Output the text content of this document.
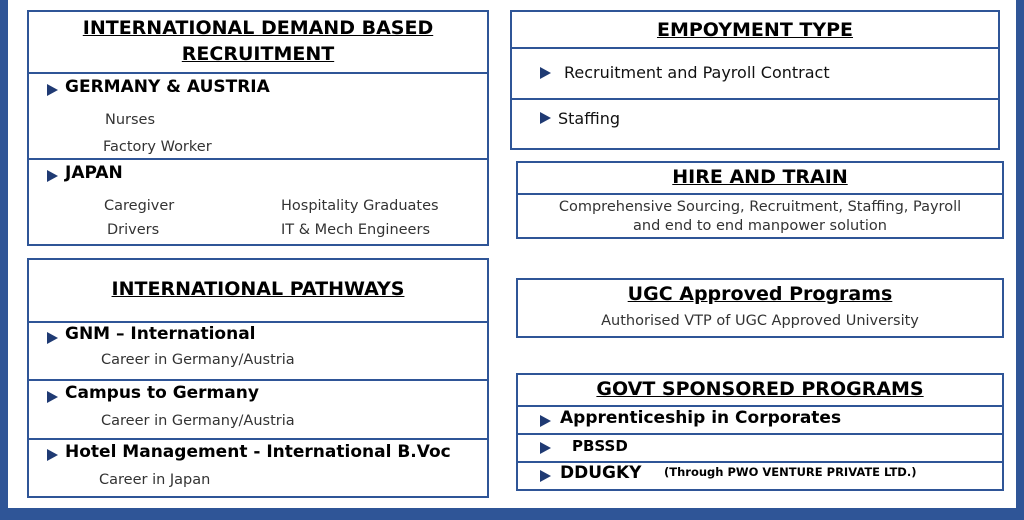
INTERNATIONAL DEMAND BASED
RECRUITMENT
GERMANY & AUSTRIA
Nurses
Factory Worker
JAPAN
Caregiver
Drivers
Hospitality Graduates
IT & Mech Engineers
INTERNATIONAL PATHWAYS
GNM – International
Career in Germany/Austria
Campus to Germany
Career in Germany/Austria
Hotel Management - International B.Voc
Career in Japan
EMPOYMENT TYPE
Recruitment and Payroll Contract
Staffing
HIRE AND TRAIN
Comprehensive Sourcing, Recruitment, Staffing, Payroll
and end to end manpower solution
UGC Approved Programs
Authorised VTP of UGC Approved University
GOVT SPONSORED PROGRAMS
Apprenticeship in Corporates
PBSSD
DDUGKY (Through PWO VENTURE PRIVATE LTD.)
